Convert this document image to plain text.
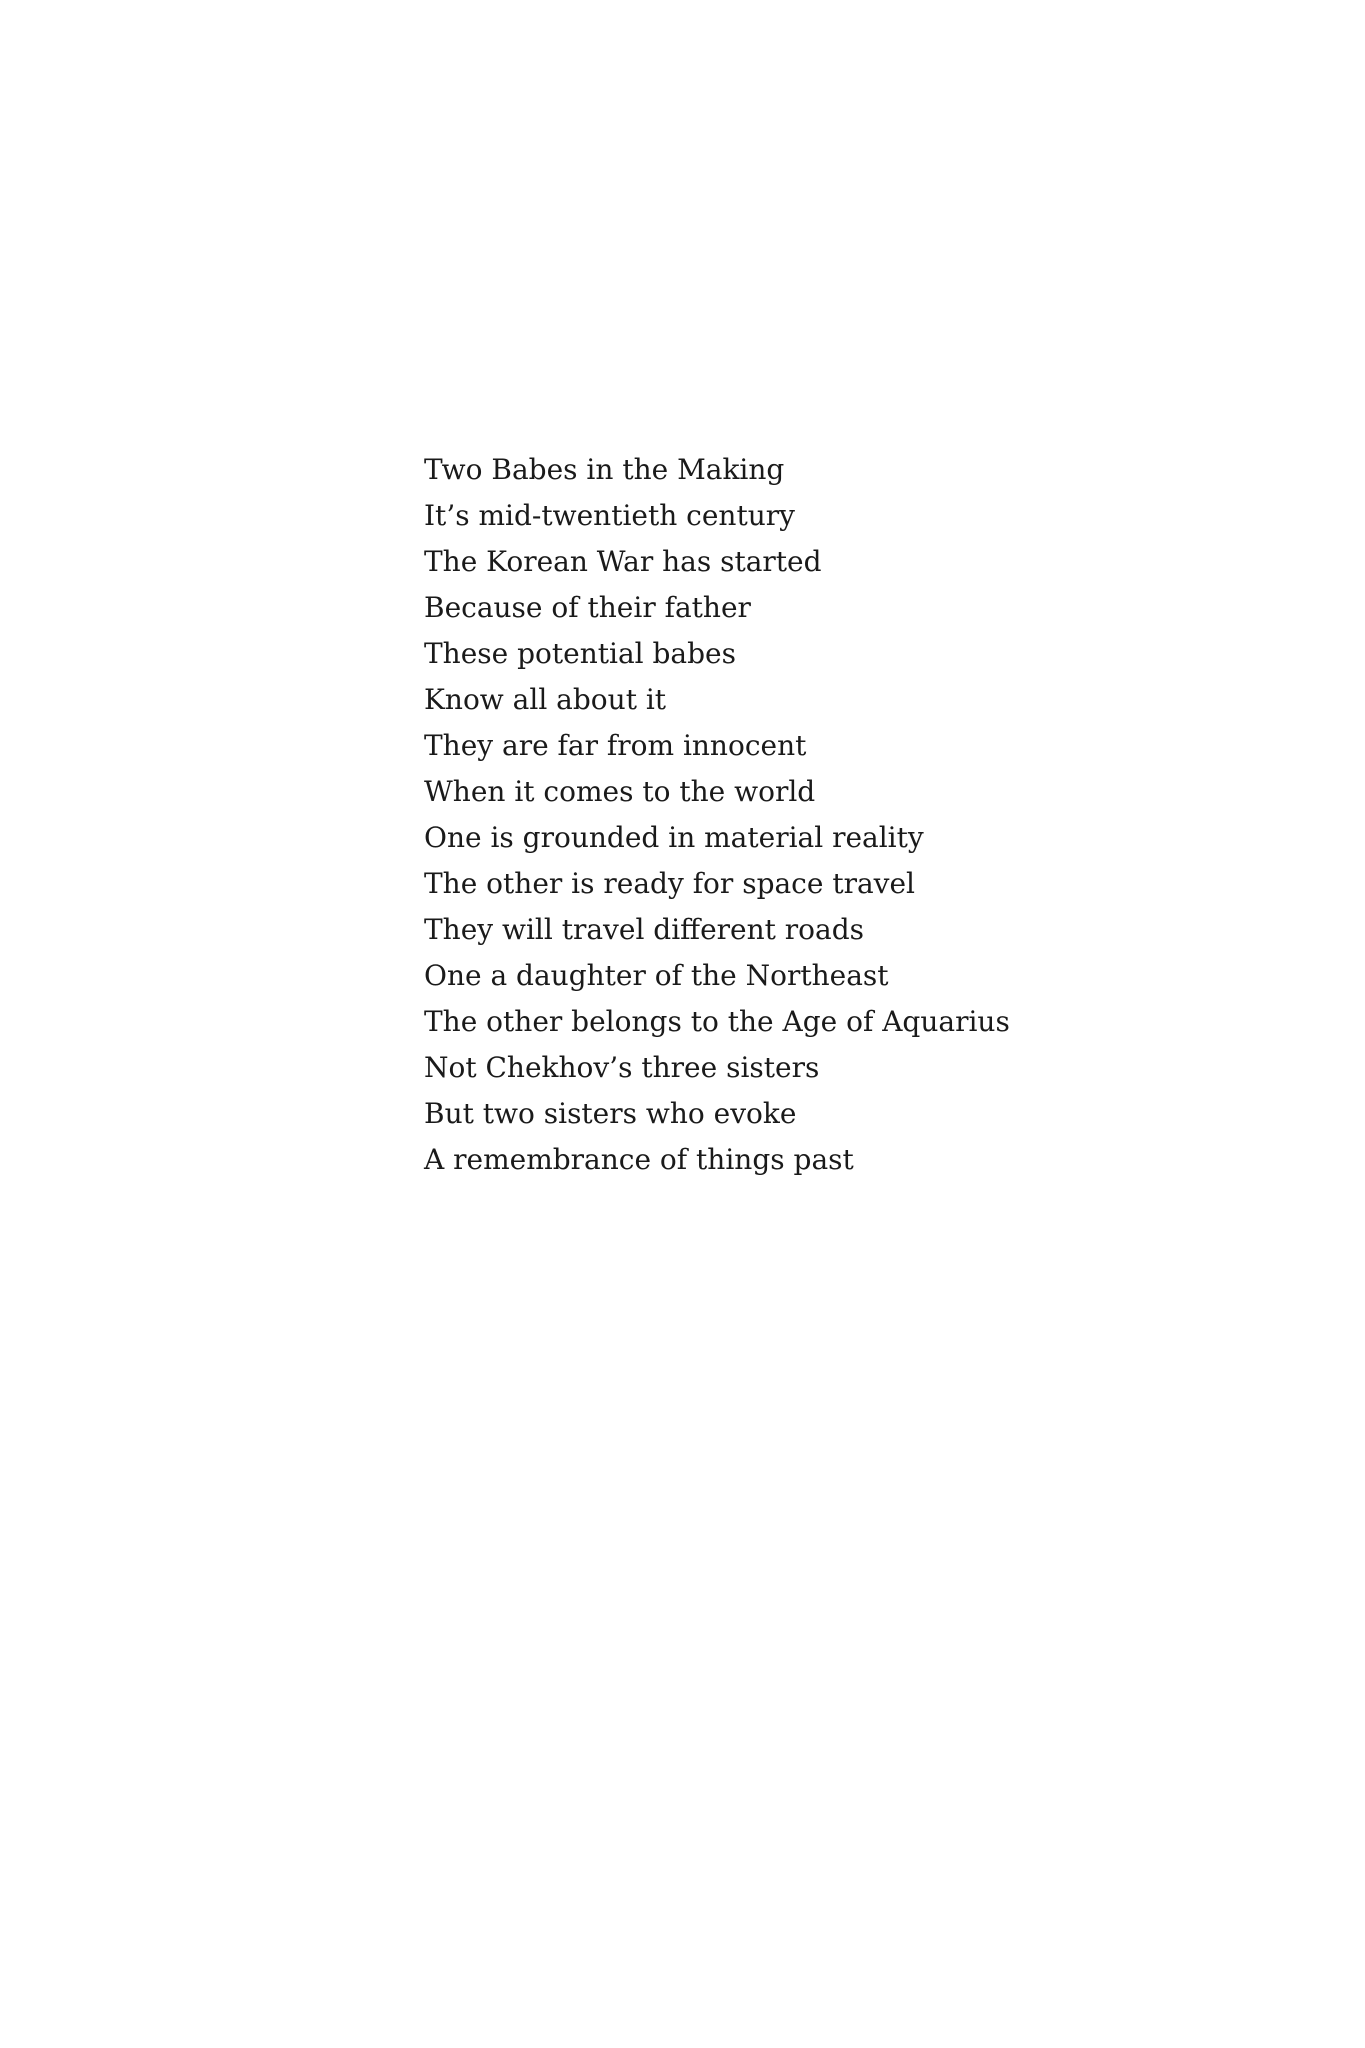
Two Babes in the Making
It’s mid-twentieth century
The Korean War has started
Because of their father
These potential babes
Know all about it
They are far from innocent
When it comes to the world
One is grounded in material reality
The other is ready for space travel
They will travel different roads
One a daughter of the Northeast
The other belongs to the Age of Aquarius
Not Chekhov’s three sisters
But two sisters who evoke
A remembrance of things past
